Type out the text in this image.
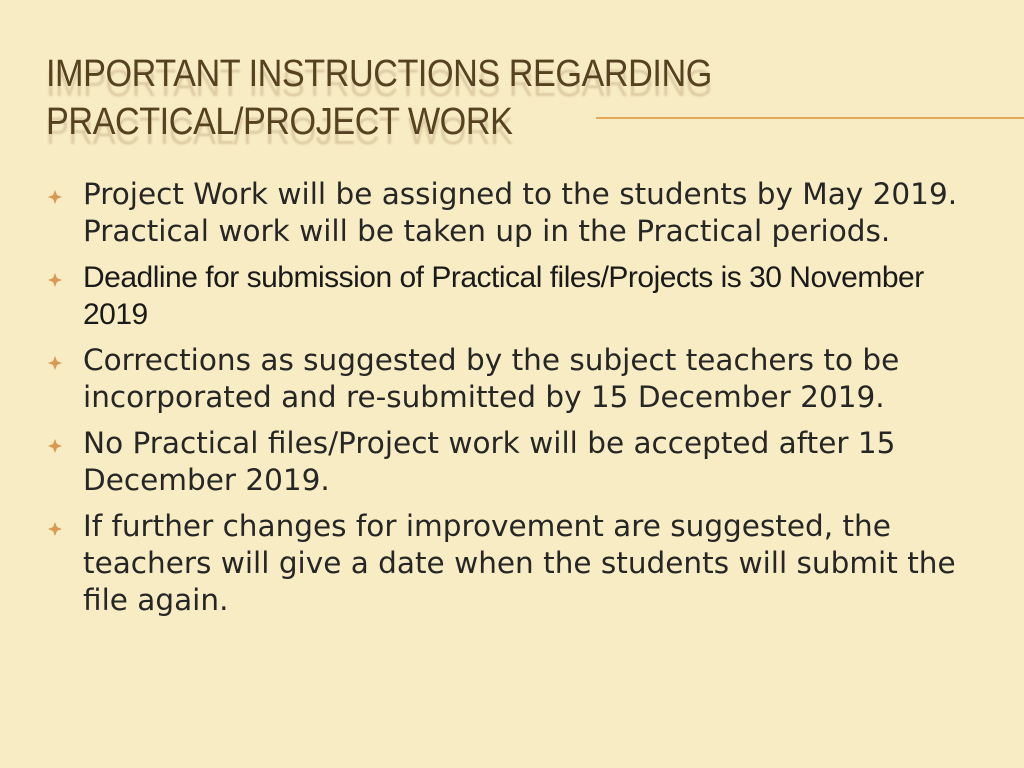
IMPORTANT INSTRUCTIONS REGARDING
PRACTICAL/PROJECT WORK
Project Work will be assigned to the students by May 2019. Practical work will be taken up in the Practical periods.
Deadline for submission of Practical files/Projects is 30 November 2019
Corrections as suggested by the subject teachers to be incorporated and re-submitted by 15 December 2019.
No Practical files/Project work will be accepted after 15 December 2019.
If further changes for improvement are suggested, the teachers will give a date when the students will submit the file again.
